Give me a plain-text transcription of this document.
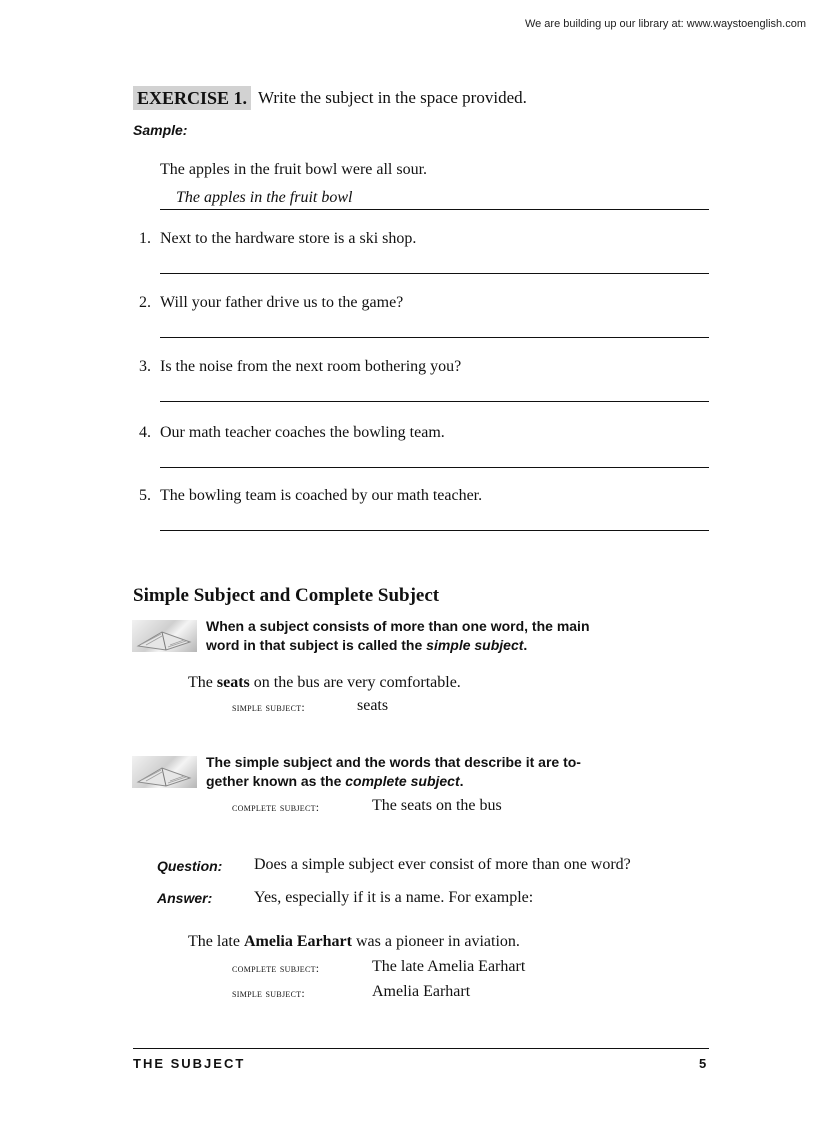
We are building up our library at: www.waystoenglish.com
EXERCISE 1. Write the subject in the space provided.
Sample:
The apples in the fruit bowl were all sour.
The apples in the fruit bowl
1. Next to the hardware store is a ski shop.
2. Will your father drive us to the game?
3. Is the noise from the next room bothering you?
4. Our math teacher coaches the bowling team.
5. The bowling team is coached by our math teacher.
Simple Subject and Complete Subject
When a subject consists of more than one word, the main
word in that subject is called the simple subject.
The seats on the bus are very comfortable.
simple subject:	seats
The simple subject and the words that describe it are to-
gether known as the complete subject.
complete subject:	The seats on the bus
Question: Does a simple subject ever consist of more than one word?
Answer:	Yes, especially if it is a name. For example:
The late Amelia Earhart was a pioneer in aviation.
complete subject:	The late Amelia Earhart
simple subject:	Amelia Earhart
THE SUBJECT	5
